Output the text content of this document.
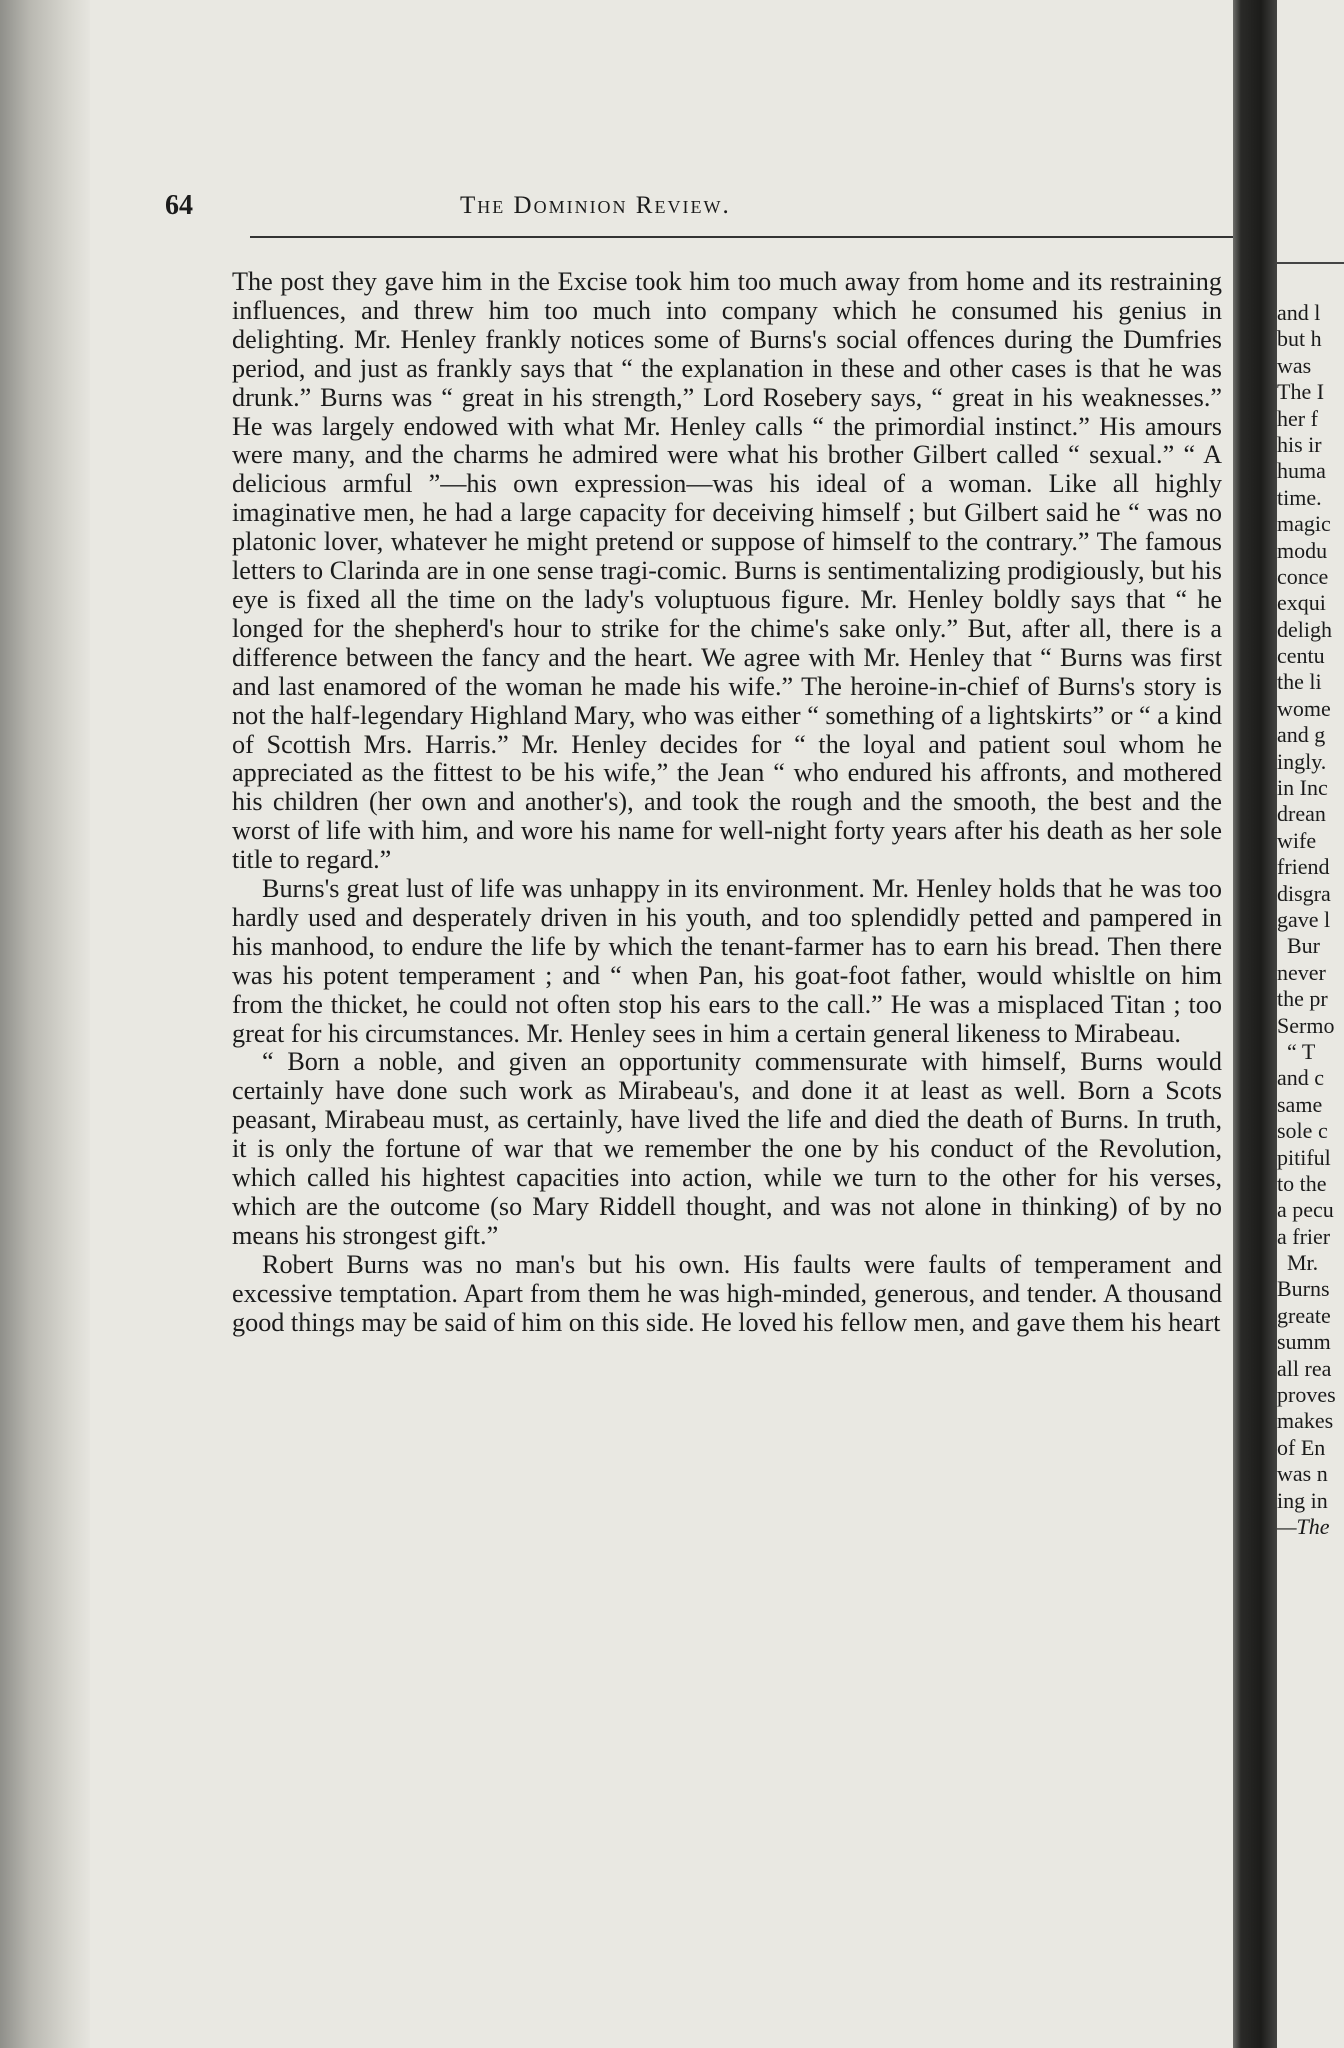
64	The Dominion Review.

The post they gave him in the Excise took him too much away from home and its restraining influences, and threw him too much into company which he consumed his genius in delighting. Mr. Henley frankly notices some of Burns's social offences during the Dumfries period, and just as frankly says that “ the explanation in these and other cases is that he was drunk.” Burns was “ great in his strength,” Lord Rosebery says, “ great in his weaknesses.” He was largely endowed with what Mr. Henley calls “ the primordial instinct.” His amours were many, and the charms he admired were what his brother Gilbert called “ sexual.” “ A delicious armful ”—his own expression—was his ideal of a woman. Like all highly imaginative men, he had a large capacity for deceiving himself ; but Gilbert said he “ was no platonic lover, whatever he might pretend or suppose of himself to the contrary.” The famous letters to Clarinda are in one sense tragi-comic. Burns is sentimentalizing prodigiously, but his eye is fixed all the time on the lady's voluptuous figure. Mr. Henley boldly says that “ he longed for the shepherd's hour to strike for the chime's sake only.” But, after all, there is a difference between the fancy and the heart. We agree with Mr. Henley that “ Burns was first and last enamored of the woman he made his wife.” The heroine-in-chief of Burns's story is not the half-legendary Highland Mary, who was either “ something of a lightskirts” or “ a kind of Scottish Mrs. Harris.” Mr. Henley decides for “ the loyal and patient soul whom he appreciated as the fittest to be his wife,” the Jean “ who endured his affronts, and mothered his children (her own and another's), and took the rough and the smooth, the best and the worst of life with him, and wore his name for well-night forty years after his death as her sole title to regard.”

Burns's great lust of life was unhappy in its environment. Mr. Henley holds that he was too hardly used and desperately driven in his youth, and too splendidly petted and pampered in his manhood, to endure the life by which the tenant-farmer has to earn his bread. Then there was his potent temperament ; and “ when Pan, his goat-foot father, would whisltle on him from the thicket, he could not often stop his ears to the call.” He was a misplaced Titan ; too great for his circumstances. Mr. Henley sees in him a certain general likeness to Mirabeau.

“ Born a noble, and given an opportunity commensurate with himself, Burns would certainly have done such work as Mirabeau's, and done it at least as well. Born a Scots peasant, Mirabeau must, as certainly, have lived the life and died the death of Burns. In truth, it is only the fortune of war that we remember the one by his conduct of the Revolution, which called his hightest capacities into action, while we turn to the other for his verses, which are the outcome (so Mary Riddell thought, and was not alone in thinking) of by no means his strongest gift.”

Robert Burns was no man's but his own. His faults were faults of temperament and excessive temptation. Apart from them he was high-minded, generous, and tender. A thousand good things may be said of him on this side. He loved his fellow men, and gave them his heart

and l
but h
was
The I
her f
his ir
huma
time.
magic
modu
conce
exqui
deligh
centu
the li
wome
and g
ingly.
in Inc
drean
wife
friend
disgra
gave l
Bur
never
the pr
Sermo
“ T
and c
same
sole c
pitiful
to the
a pecu
a frier
Mr.
Burns
greate
summ
all rea
proves
makes
of En
was n
ing in
—The
